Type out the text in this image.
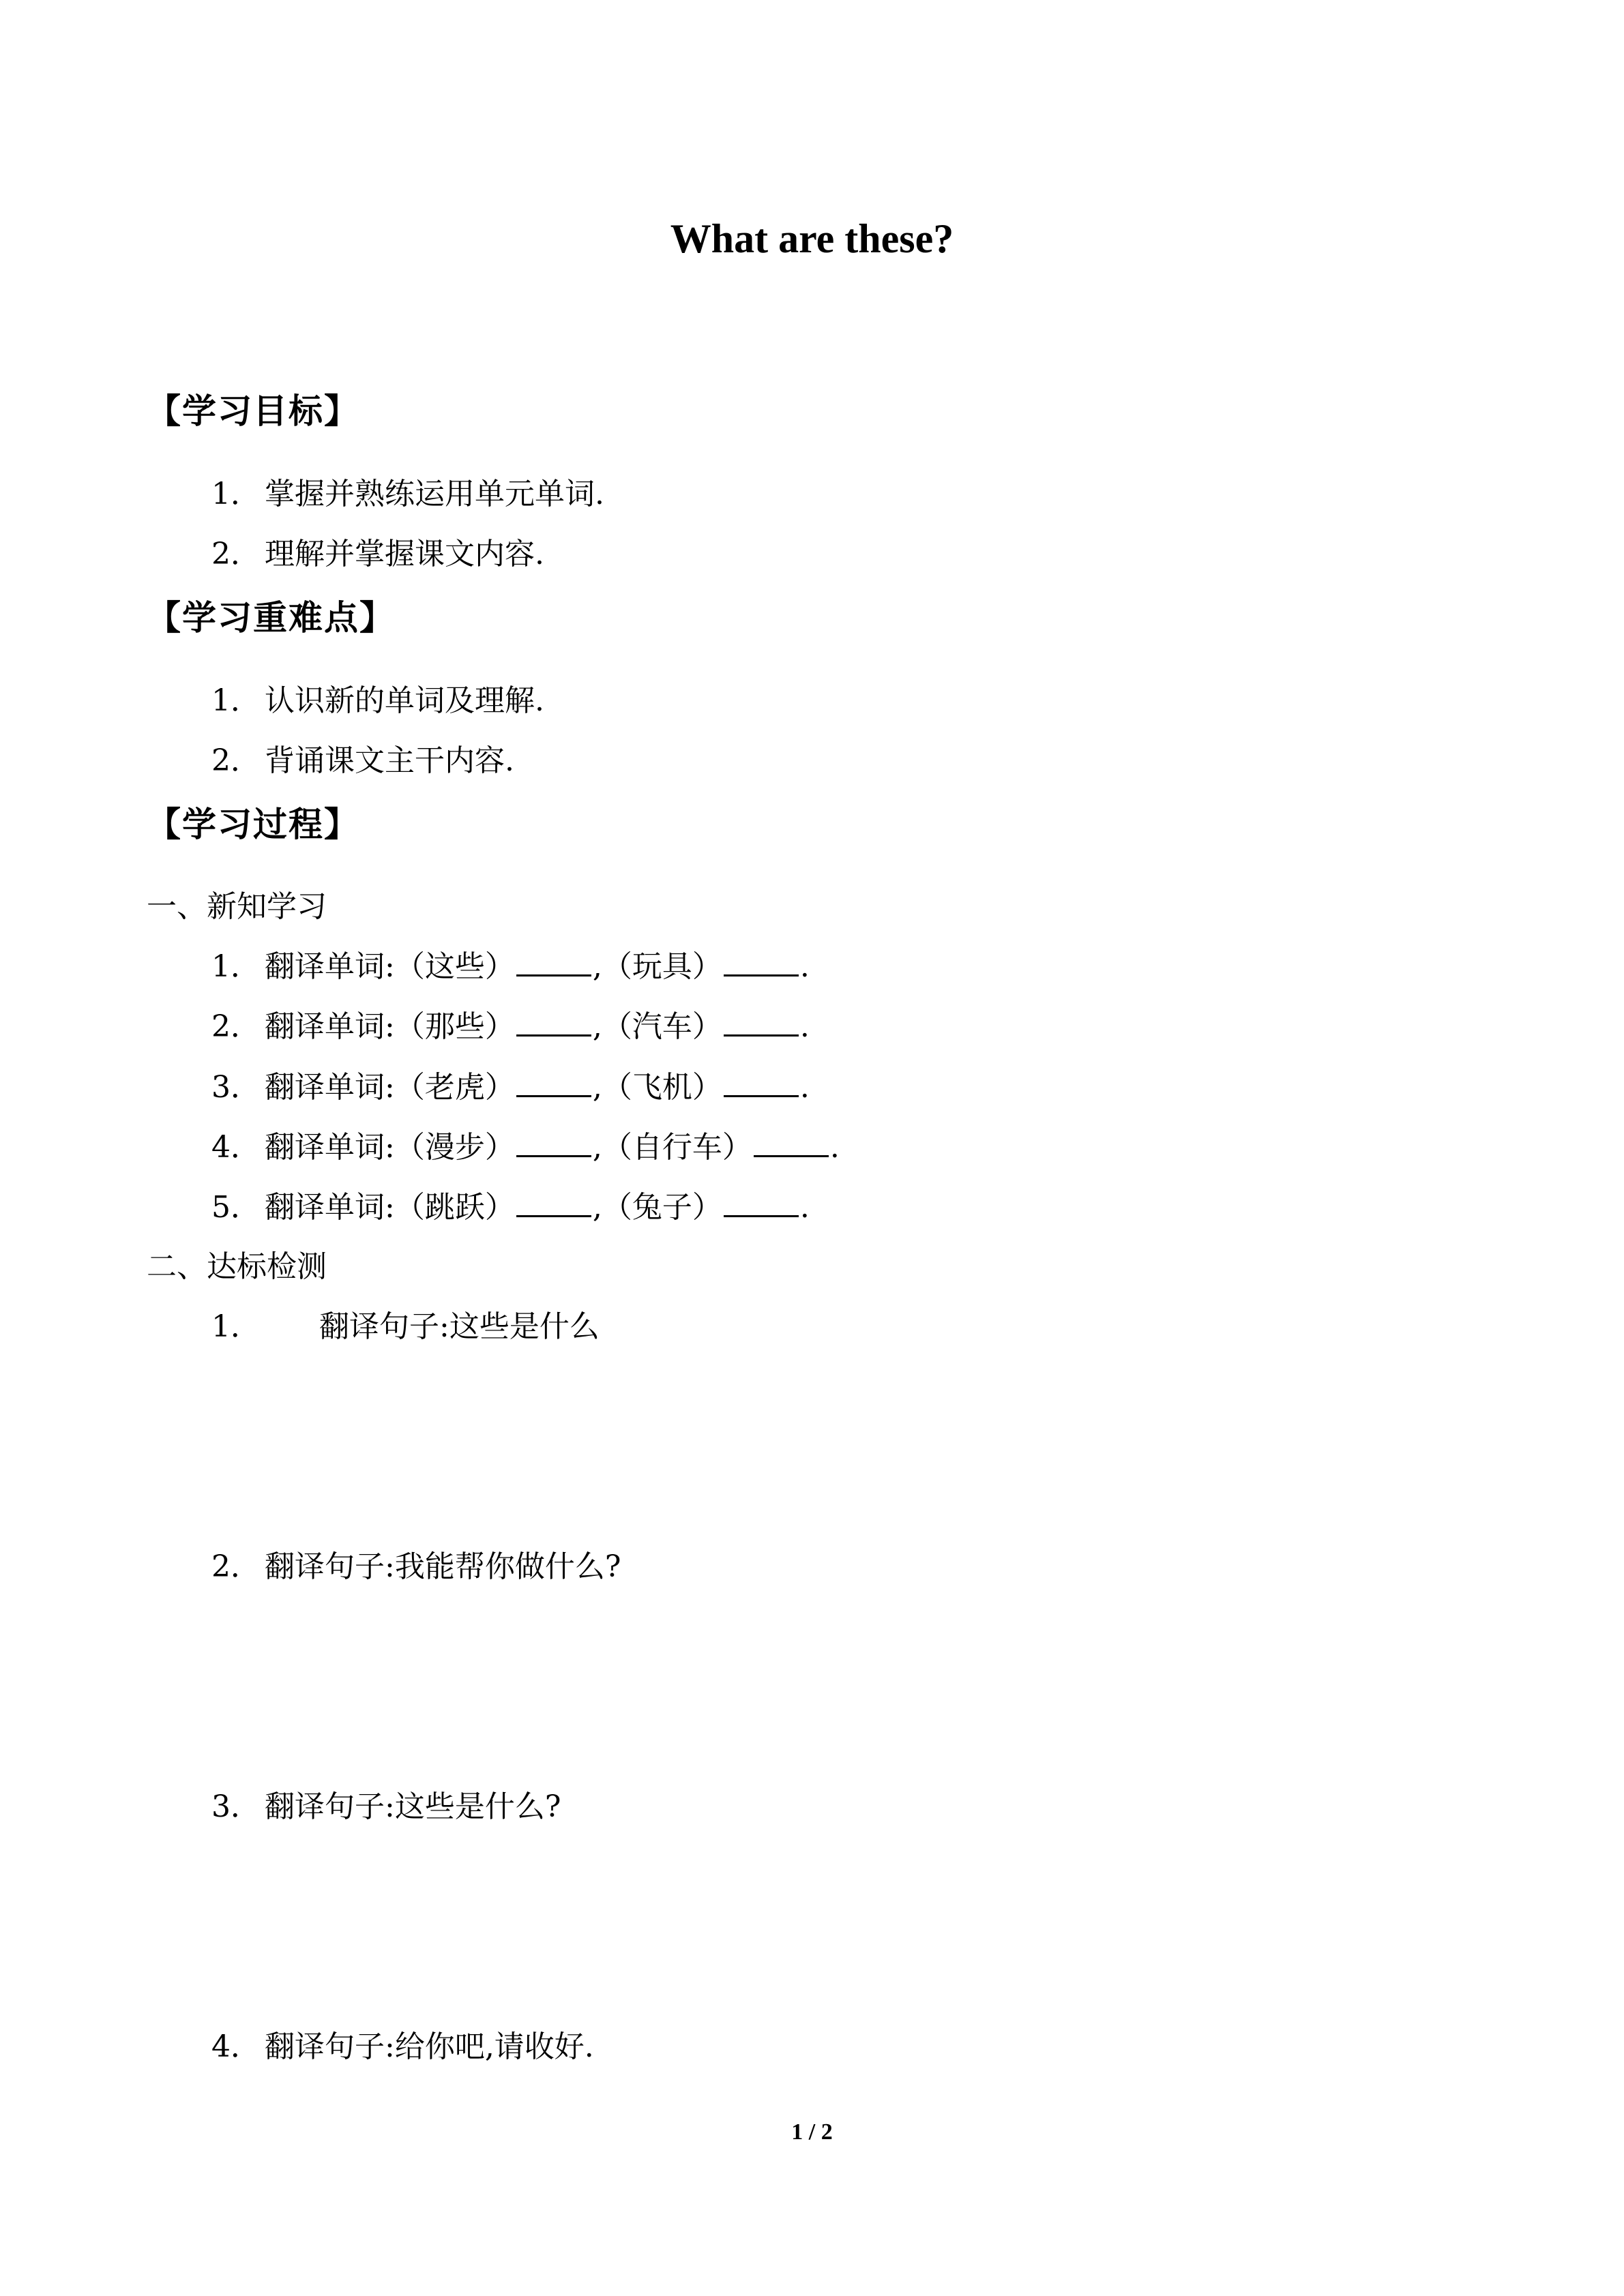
What are these?
【学习目标】
1． 掌握并熟练运用单元单词.
2． 理解并掌握课文内容.
【学习重难点】
1． 认识新的单词及理解.
2． 背诵课文主干内容.
【学习过程】
一、新知学习
1． 翻译单词:（这些）	,（玩具）	.
2． 翻译单词:（那些）	,（汽车）	.
3． 翻译单词:（老虎）	,（飞机）	.
4． 翻译单词:（漫步）	,（自行车）	.
5． 翻译单词:（跳跃）	,（兔子）	.
二、达标检测
1． 翻译句子:这些是什么
2． 翻译句子:我能帮你做什么?
3． 翻译句子:这些是什么?
4． 翻译句子:给你吧,请收好.
1 / 2
